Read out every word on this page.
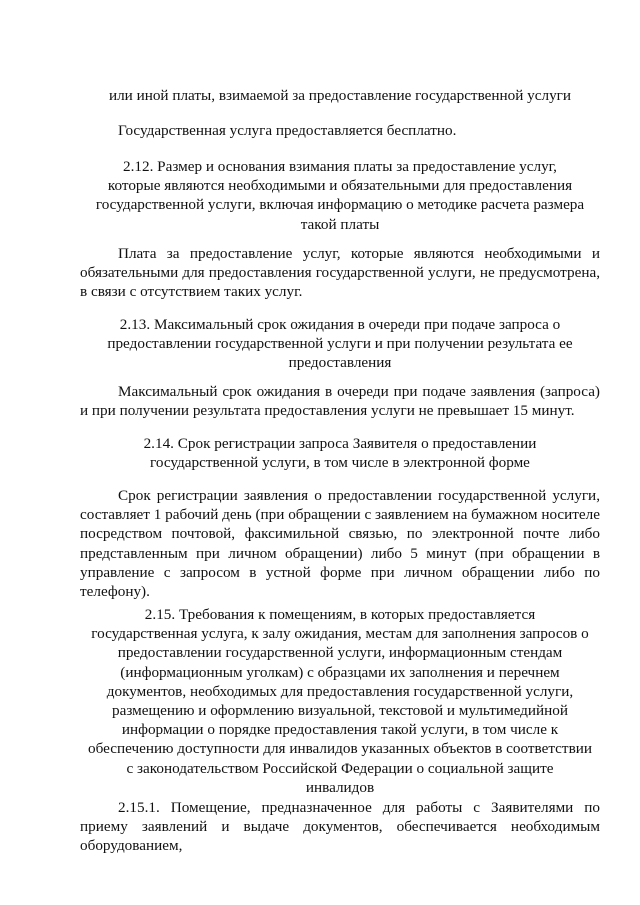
или иной платы, взимаемой за предоставление государственной услуги

Государственная услуга предоставляется бесплатно.

2.12. Размер и основания взимания платы за предоставление услуг,
которые являются необходимыми и обязательными для предоставления
государственной услуги, включая информацию о методике расчета размера
такой платы

Плата за предоставление услуг, которые являются необходимыми и обязательными для предоставления государственной услуги, не предусмотрена, в связи с отсутствием таких услуг.

2.13. Максимальный срок ожидания в очереди при подаче запроса о
предоставлении государственной услуги и при получении результата ее
предоставления

Максимальный срок ожидания в очереди при подаче заявления (запроса) и при получении результата предоставления услуги не превышает 15 минут.

2.14. Срок регистрации запроса Заявителя о предоставлении
государственной услуги, в том числе в электронной форме

Срок регистрации заявления о предоставлении государственной услуги, составляет 1 рабочий день (при обращении с заявлением на бумажном носителе посредством почтовой, факсимильной связью, по электронной почте либо представленным при личном обращении) либо 5 минут (при обращении в управление с запросом в устной форме при личном обращении либо по телефону).

2.15. Требования к помещениям, в которых предоставляется
государственная услуга, к залу ожидания, местам для заполнения запросов о
предоставлении государственной услуги, информационным стендам
(информационным уголкам) с образцами их заполнения и перечнем
документов, необходимых для предоставления государственной услуги,
размещению и оформлению визуальной, текстовой и мультимедийной
информации о порядке предоставления такой услуги, в том числе к
обеспечению доступности для инвалидов указанных объектов в соответствии
с законодательством Российской Федерации о социальной защите
инвалидов

2.15.1. Помещение, предназначенное для работы с Заявителями по приему заявлений и выдаче документов, обеспечивается необходимым оборудованием,
